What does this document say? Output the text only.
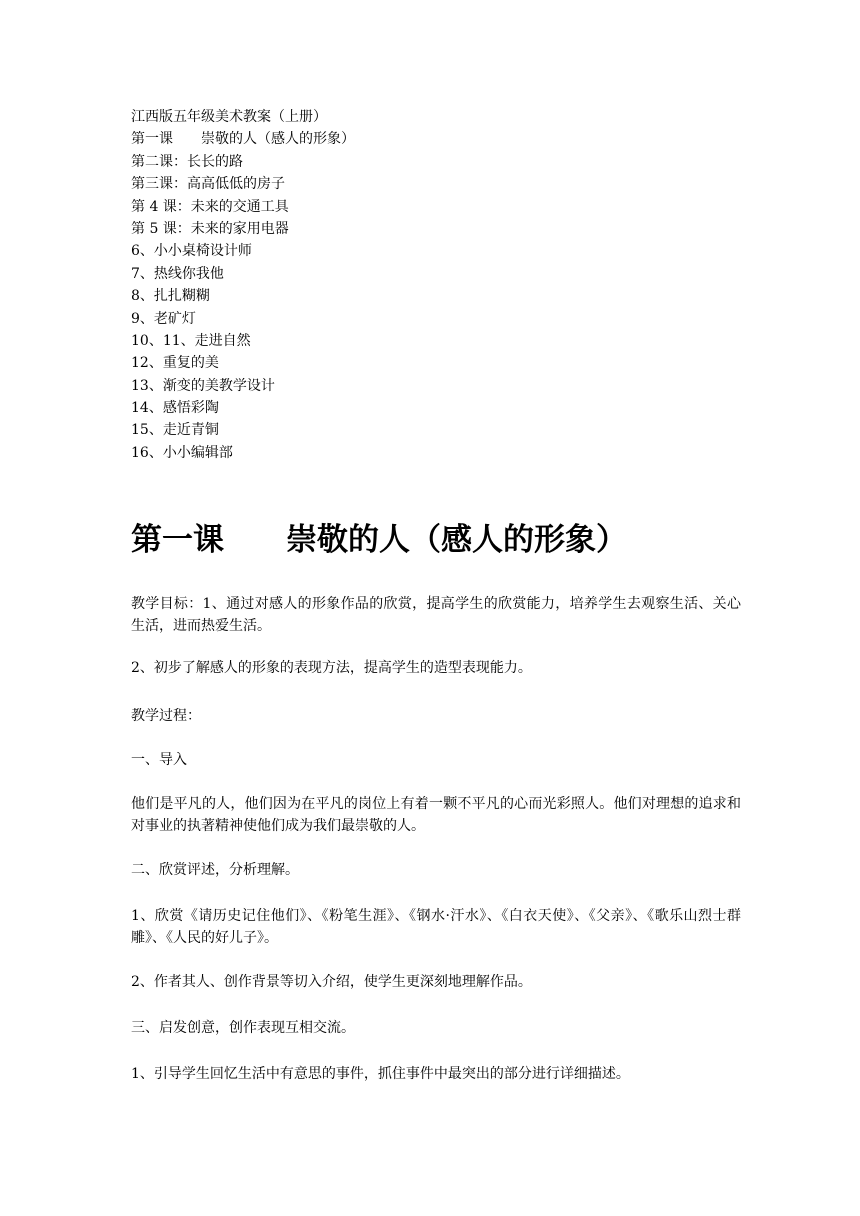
江西版五年级美术教案（上册）
第一课　　崇敬的人（感人的形象）
第二课：长长的路
第三课：高高低低的房子
第 4 课：未来的交通工具
第 5 课：未来的家用电器
6、小小桌椅设计师
7、热线你我他
8、扎扎糊糊
9、老矿灯
10、11、走进自然
12、重复的美
13、渐变的美教学设计
14、感悟彩陶
15、走近青铜
16、小小编辑部
第一课　　崇敬的人（感人的形象）

教学目标：1、通过对感人的形象作品的欣赏，提高学生的欣赏能力，培养学生去观察生活、关心生活，进而热爱生活。

2、初步了解感人的形象的表现方法，提高学生的造型表现能力。

教学过程：

一、导入

他们是平凡的人，他们因为在平凡的岗位上有着一颗不平凡的心而光彩照人。他们对理想的追求和对事业的执著精神使他们成为我们最崇敬的人。

二、欣赏评述，分析理解。

1、欣赏《请历史记住他们》、《粉笔生涯》、《钢水·汗水》、《白衣天使》、《父亲》、《歌乐山烈士群雕》、《人民的好儿子》。

2、作者其人、创作背景等切入介绍，使学生更深刻地理解作品。

三、启发创意，创作表现互相交流。

1、引导学生回忆生活中有意思的事件，抓住事件中最突出的部分进行详细描述。
